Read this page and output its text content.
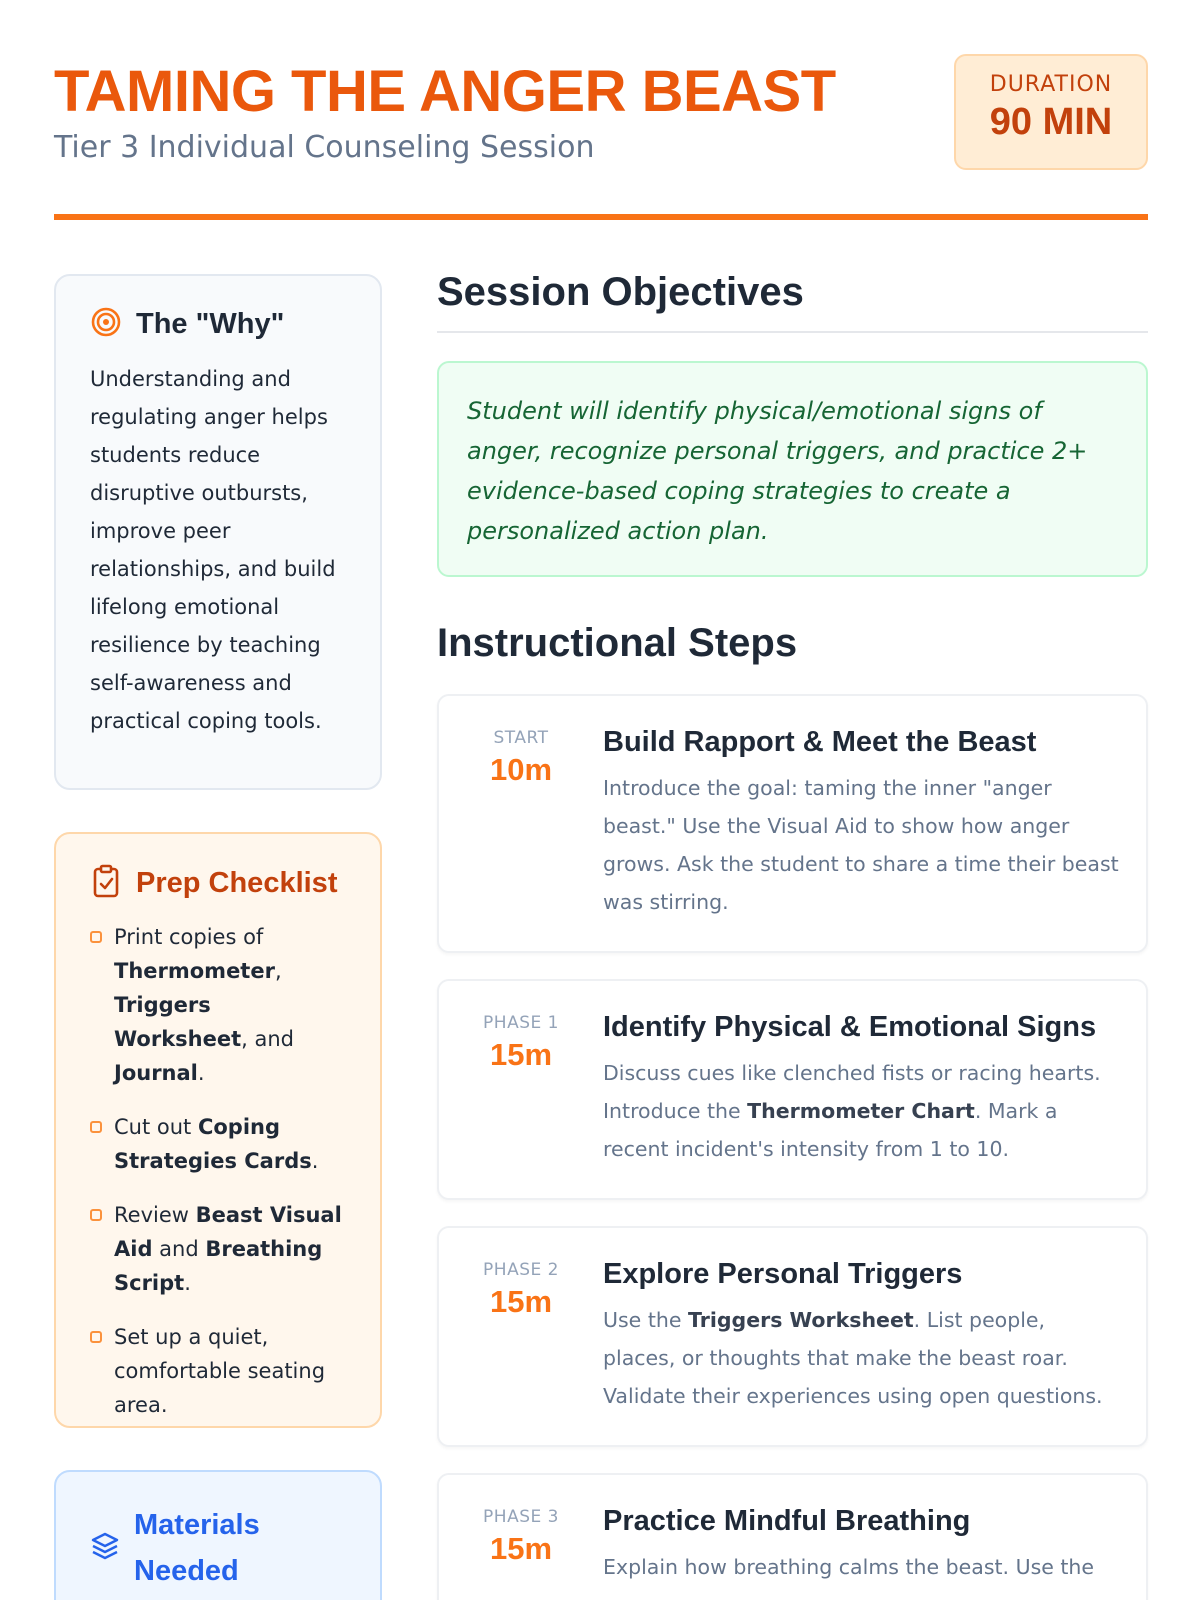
TAMING THE ANGER BEAST
Tier 3 Individual Counseling Session
DURATION
90 MIN
The "Why"

Understanding and regulating anger helps students reduce disruptive outbursts, improve peer relationships, and build lifelong emotional resilience by teaching self-awareness and practical coping tools.

Prep Checklist
Print copies of Thermometer, Triggers Worksheet, and Journal.
Cut out Coping Strategies Cards.
Review Beast Visual Aid and Breathing Script.
Set up a quiet, comfortable seating area.
Materials Needed
Session Objectives

Student will identify physical/emotional signs of anger, recognize personal triggers, and practice 2+ evidence-based coping strategies to create a personalized action plan.

Instructional Steps
START
10m
Build Rapport & Meet the Beast

Introduce the goal: taming the inner "anger beast." Use the Visual Aid to show how anger grows. Ask the student to share a time their beast was stirring.

PHASE 1
15m
Identify Physical & Emotional Signs

Discuss cues like clenched fists or racing hearts. Introduce the Thermometer Chart. Mark a recent incident's intensity from 1 to 10.

PHASE 2
15m
Explore Personal Triggers

Use the Triggers Worksheet. List people, places, or thoughts that make the beast roar. Validate their experiences using open questions.

PHASE 3
15m
Practice Mindful Breathing

Explain how breathing calms the beast. Use the
